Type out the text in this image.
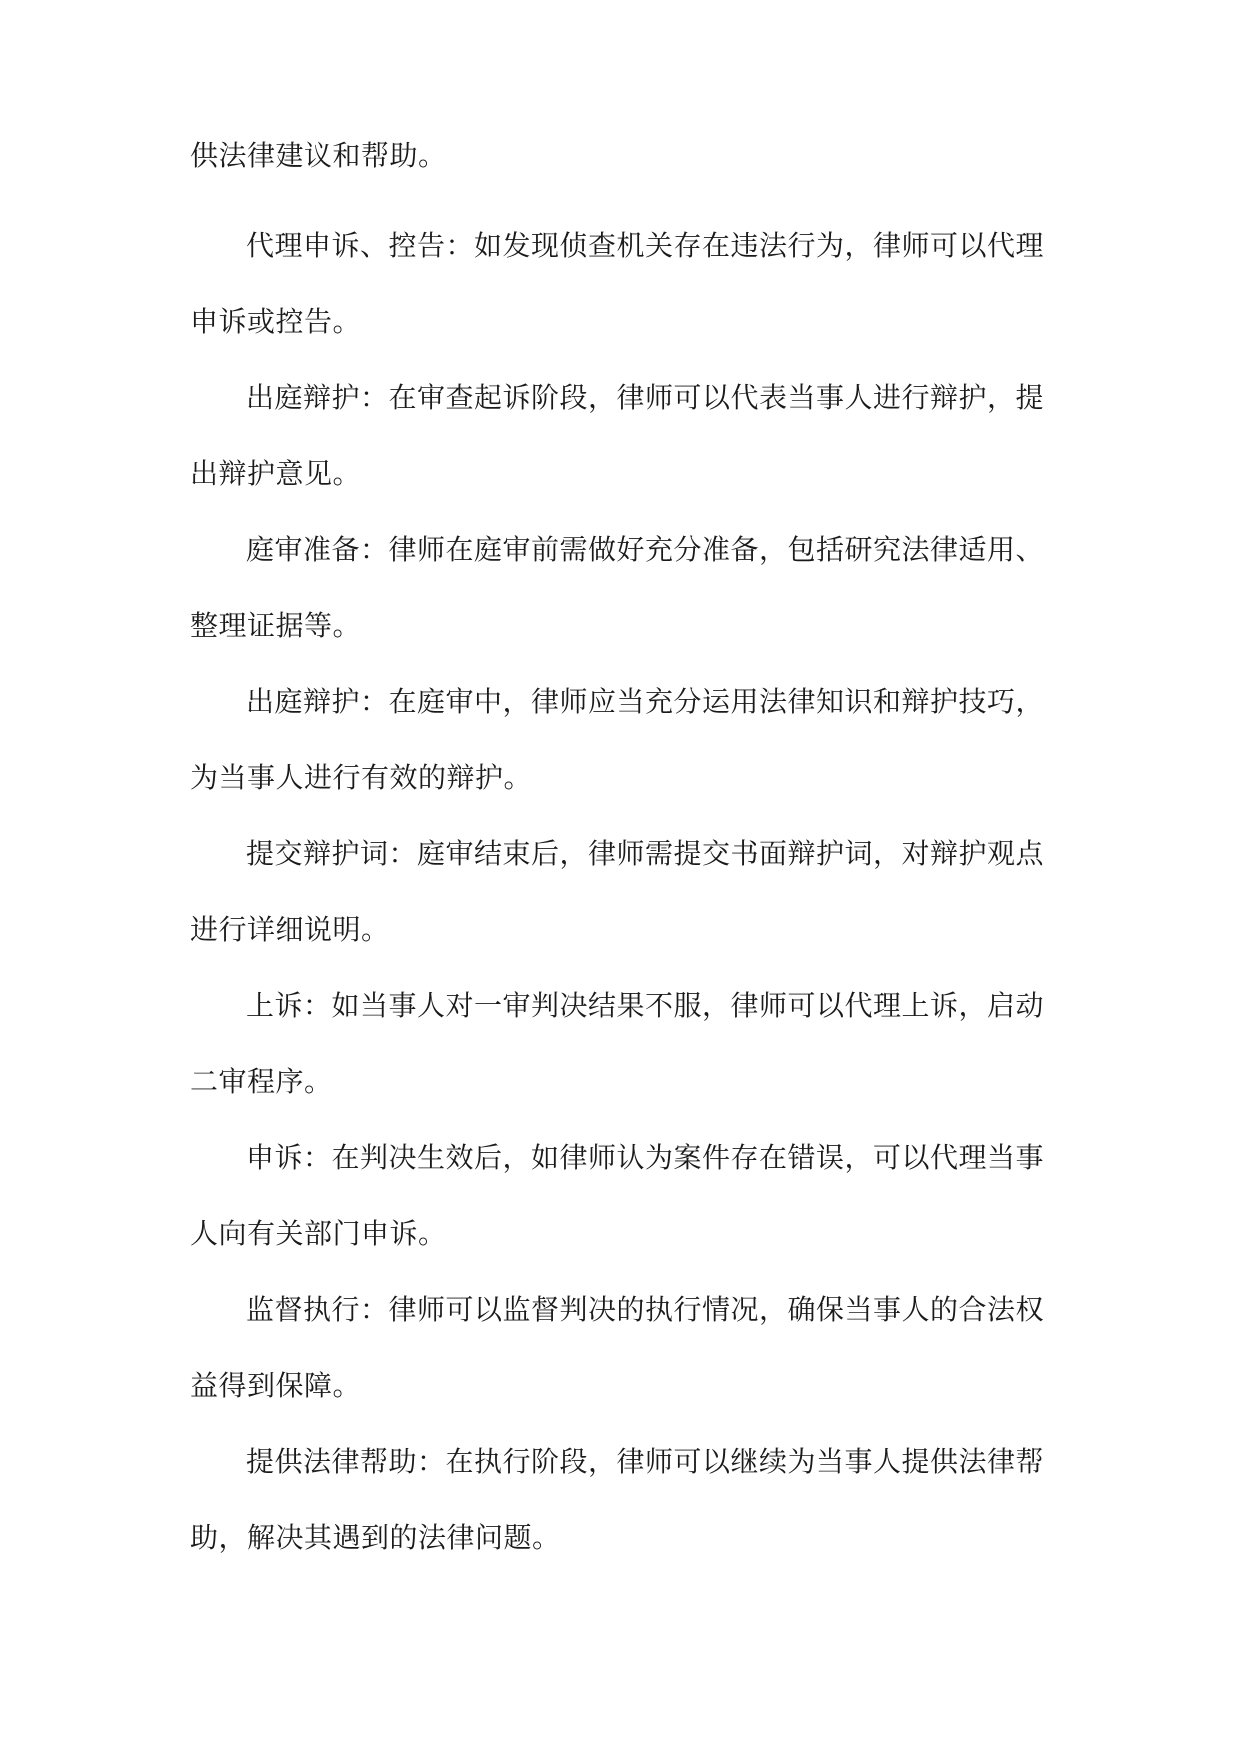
供法律建议和帮助。
代理申诉、控告：如发现侦查机关存在违法行为，律师可以代理
申诉或控告。
出庭辩护：在审查起诉阶段，律师可以代表当事人进行辩护，提
出辩护意见。
庭审准备：律师在庭审前需做好充分准备，包括研究法律适用、
整理证据等。
出庭辩护：在庭审中，律师应当充分运用法律知识和辩护技巧，
为当事人进行有效的辩护。
提交辩护词：庭审结束后，律师需提交书面辩护词，对辩护观点
进行详细说明。
上诉：如当事人对一审判决结果不服，律师可以代理上诉，启动
二审程序。
申诉：在判决生效后，如律师认为案件存在错误，可以代理当事
人向有关部门申诉。
监督执行：律师可以监督判决的执行情况，确保当事人的合法权
益得到保障。
提供法律帮助：在执行阶段，律师可以继续为当事人提供法律帮
助，解决其遇到的法律问题。
